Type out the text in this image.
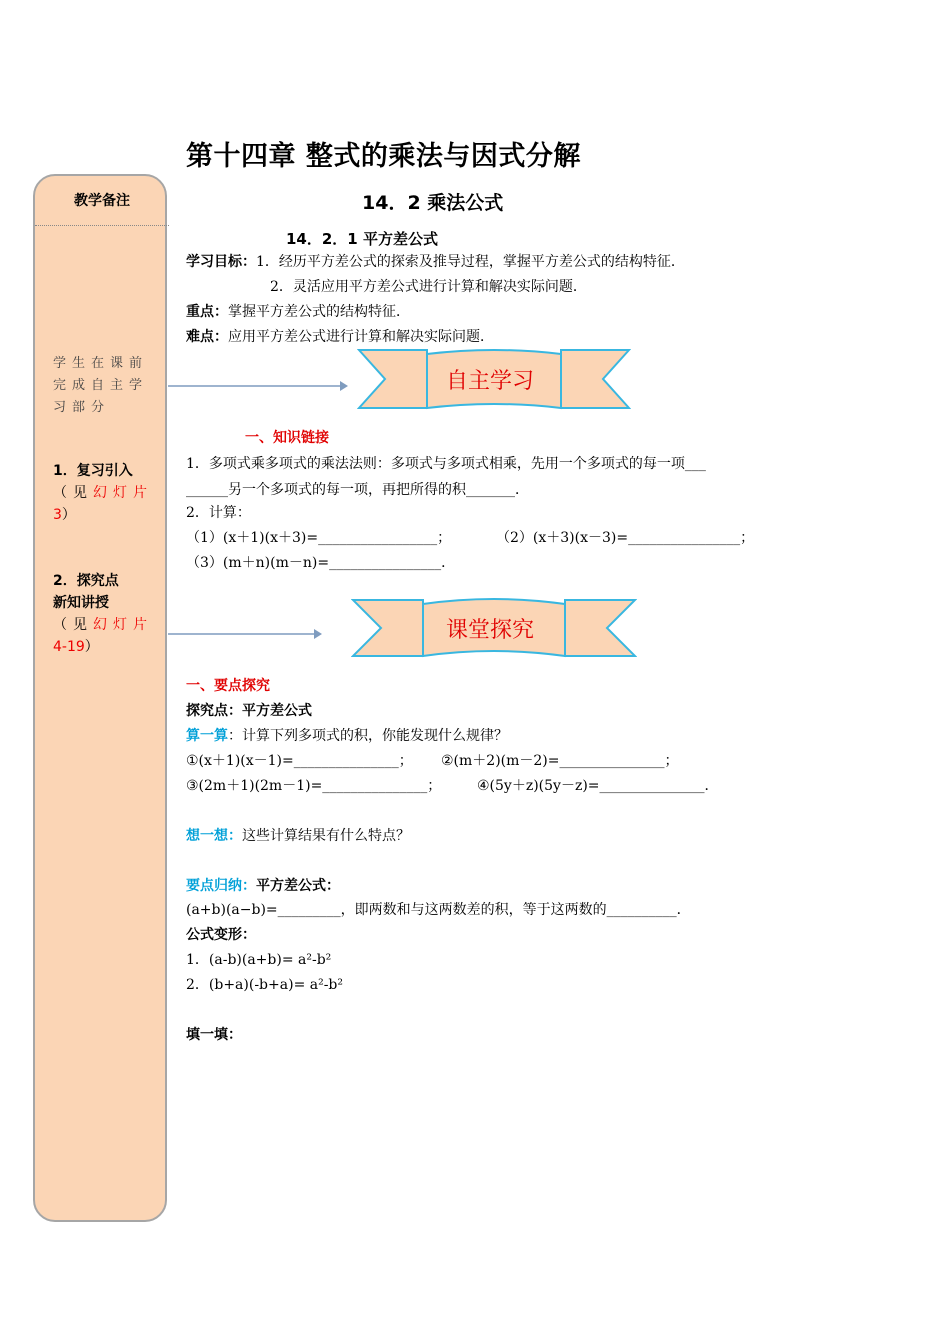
第十四章 整式的乘法与因式分解
教学备注
学生在课前完成自主学习部分
1．复习引入
（见幻灯片
3）
2．探究点
新知讲授
（见幻灯片
4-19）
14．2 乘法公式
14．2．1 平方差公式
学习目标：1．经历平方差公式的探索及推导过程，掌握平方差公式的结构特征．
2．灵活应用平方差公式进行计算和解决实际问题．
重点：掌握平方差公式的结构特征．
难点：应用平方差公式进行计算和解决实际问题．
自主学习
一、知识链接
1．多项式乘多项式的乘法法则：多项式与多项式相乘，先用一个多项式的每一项___
______另一个多项式的每一项，再把所得的积_______．
2．计算：
（1）(x＋1)(x＋3)=_________________；	（2）(x＋3)(x－3)=________________；
（3）(m＋n)(m－n)=________________．
课堂探究
一、要点探究
探究点：平方差公式
算一算：计算下列多项式的积，你能发现什么规律？
①(x＋1)(x－1)=_______________； ②(m＋2)(m－2)=_______________；
③(2m＋1)(2m－1)=_______________；	④(5y＋z)(5y－z)=_______________．
想一想：这些计算结果有什么特点？
要点归纳：平方差公式：
(a+b)(a−b)=_________，即两数和与这两数差的积，等于这两数的__________．
公式变形：
1．(a-b)(a+b)= a²-b²
2．(b+a)(-b+a)= a²-b²
填一填：
